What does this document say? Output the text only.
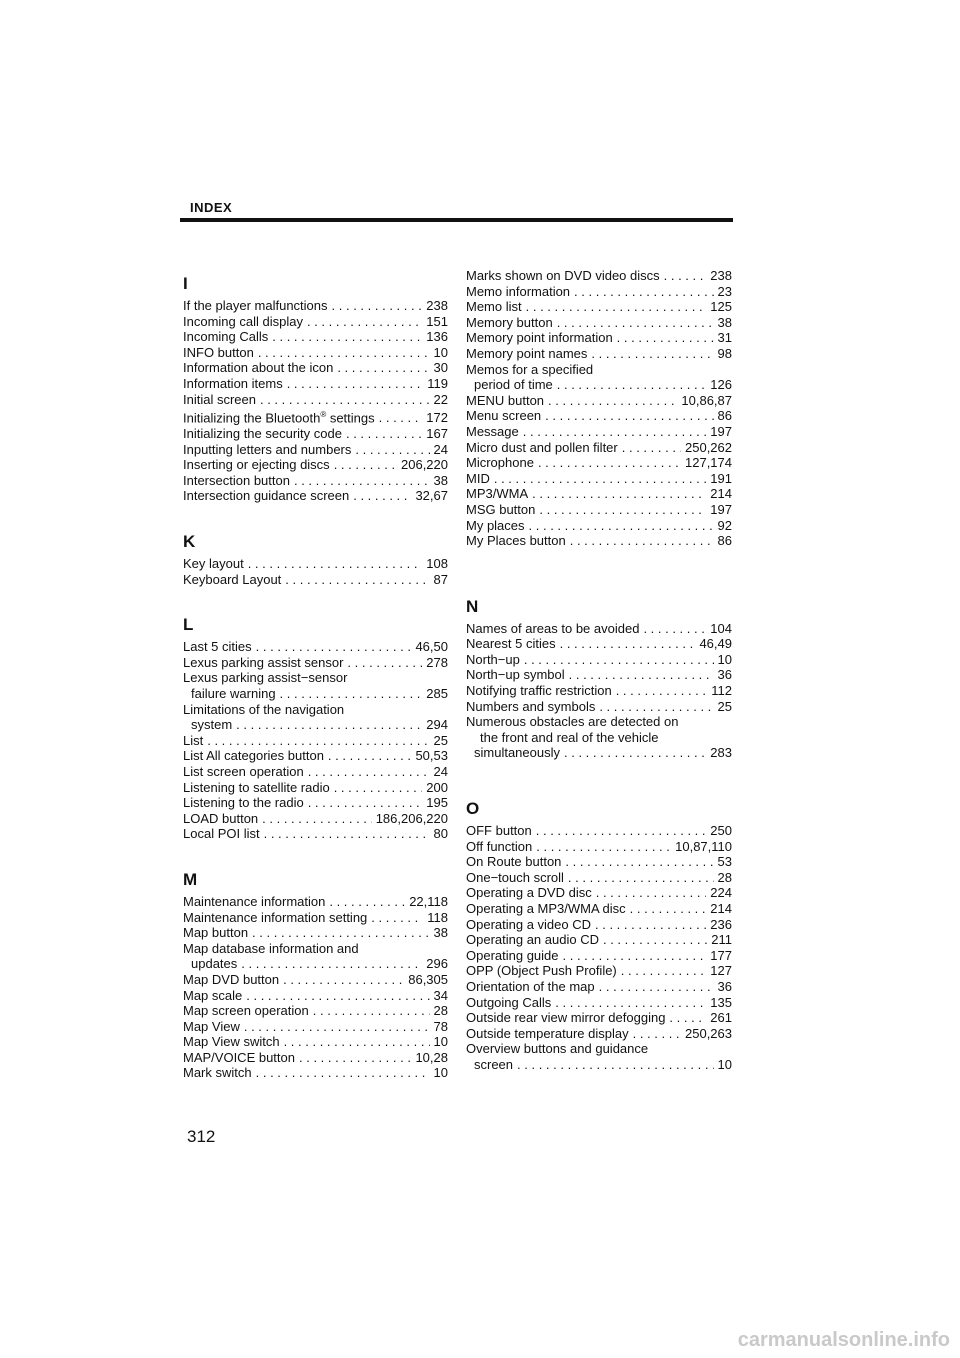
INDEX
I
If the player malfunctions . . .	238
Incoming call display . . .	151
Incoming Calls . . .	136
INFO button . . .	10
Information about the icon . . .	30
Information items . . .	119
Initial screen . . .	22
Initializing the Bluetooth® settings . . .	172
Initializing the security code . . .	167
Inputting letters and numbers . . .	24
Inserting or ejecting discs . . .	206,220
Intersection button . . .	38
Intersection guidance screen . . .	32,67
K
Key layout . . .	108
Keyboard Layout . . .	87
L
Last 5 cities . . .	46,50
Lexus parking assist sensor . . .	278
Lexus parking assist−sensor
failure warning . . .	285
Limitations of the navigation
system . . .	294
List . . .	25
List All categories button . . .	50,53
List screen operation . . .	24
Listening to satellite radio . . .	200
Listening to the radio . . .	195
LOAD button . . .	186,206,220
Local POI list . . .	80
M
Maintenance information . . .	22,118
Maintenance information setting . . .	118
Map button . . .	38
Map database information and
updates . . .	296
Map DVD button . . .	86,305
Map scale . . .	34
Map screen operation . . .	28
Map View . . .	78
Map View switch . . .	10
MAP/VOICE button . . .	10,28
Mark switch . . .	10
Marks shown on DVD video discs . . .	238
Memo information . . .	23
Memo list . . .	125
Memory button . . .	38
Memory point information . . .	31
Memory point names . . .	98
Memos for a specified
period of time . . .	126
MENU button . . .	10,86,87
Menu screen . . .	86
Message . . .	197
Micro dust and pollen filter . . .	250,262
Microphone . . .	127,174
MID . . .	191
MP3/WMA . . .	214
MSG button . . .	197
My places . . .	92
My Places button . . .	86
N
Names of areas to be avoided . . .	104
Nearest 5 cities . . .	46,49
North−up . . .	10
North−up symbol . . .	36
Notifying traffic restriction . . .	112
Numbers and symbols . . .	25
Numerous obstacles are detected on
the front and real of the vehicle
simultaneously . . .	283
O
OFF button . . .	250
Off function . . .	10,87,110
On Route button . . .	53
One−touch scroll . . .	28
Operating a DVD disc . . .	224
Operating a MP3/WMA disc . . .	214
Operating a video CD . . .	236
Operating an audio CD . . .	211
Operating guide . . .	177
OPP (Object Push Profile) . . .	127
Orientation of the map . . .	36
Outgoing Calls . . .	135
Outside rear view mirror defogging . . .	261
Outside temperature display . . .	250,263
Overview buttons and guidance
screen . . .	10
312
carmanualsonline.info
